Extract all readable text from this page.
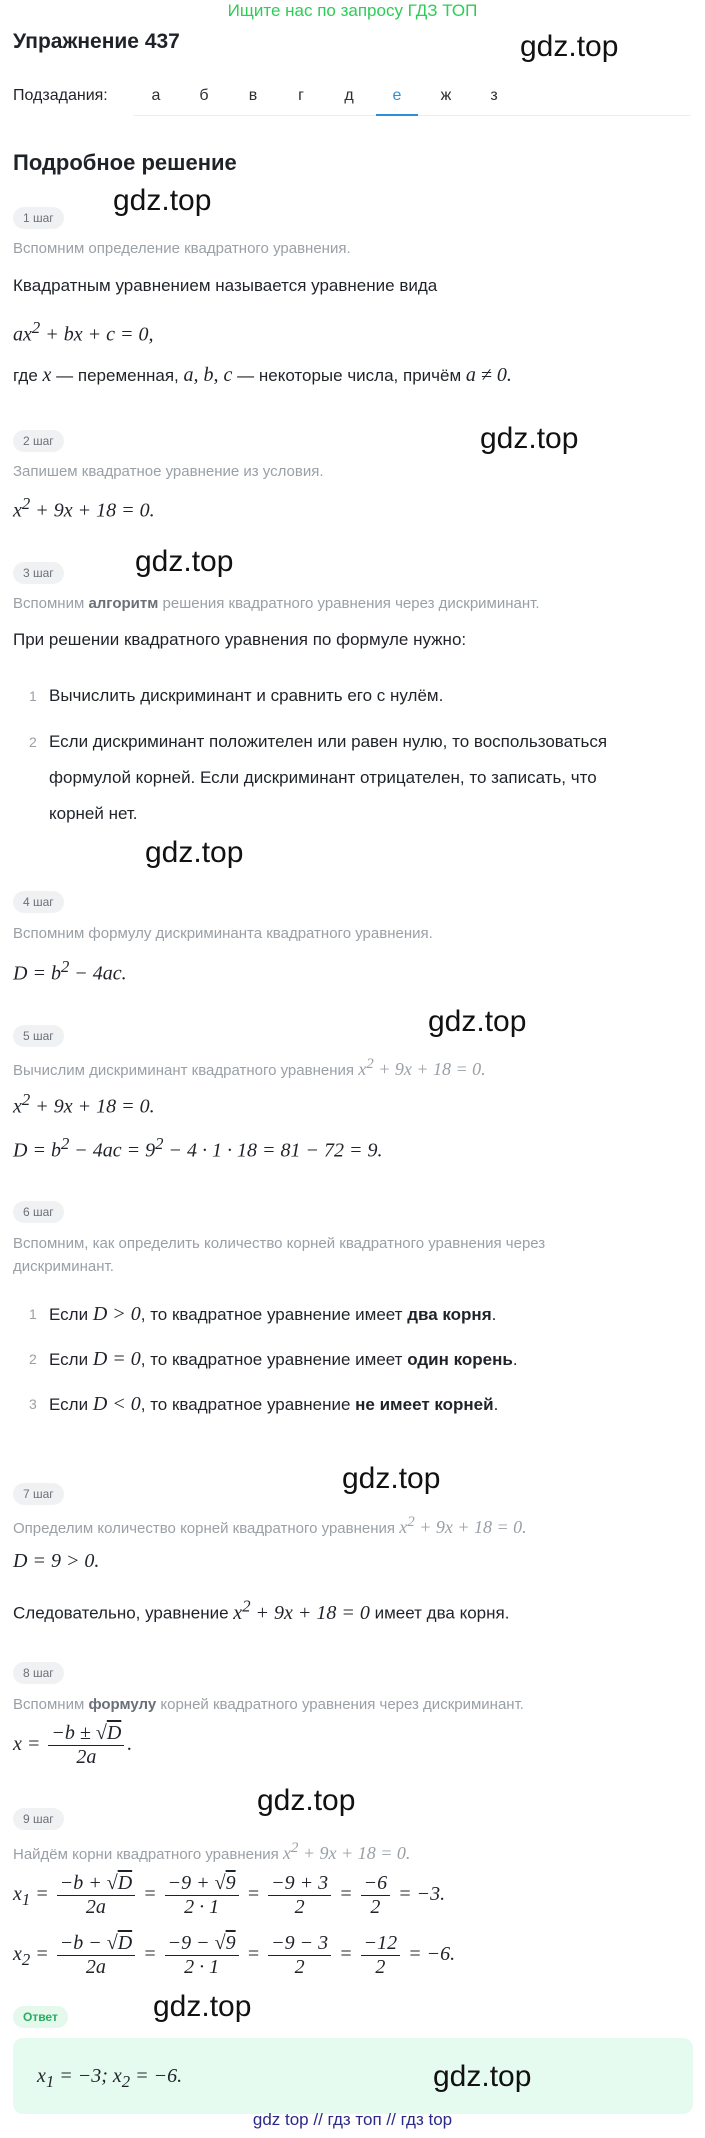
Ищите нас по запросу ГДЗ ТОП
Упражнение 437	gdz.top
Подзадания:	а	б	в	г	д	е	ж	з
Подробное решение
1 шаг
gdz.top
Вспомним определение квадратного уравнения.
Квадратным уравнением называется уравнение вида
$ax^2$ + bx + c = 0,
где x — переменная, a, b, c — некоторые числа, причём a ≠ 0.
2 шаг	gdz.top
Запишем квадратное уравнение из условия.
$x^2 + 9x + 18 = 0$.
3 шаг	gdz.top
Вспомним алгоритм решения квадратного уравнения через дискриминант.
При решении квадратного уравнения по формуле нужно:
1 Вычислить дискриминант и сравнить его с нулём.
2 Если дискриминант положителен или равен нулю, то воспользоваться
формулой корней. Если дискриминант отрицателен, то записать, что
корней нет.
gdz.top
4 шаг
Вспомним формулу дискриминанта квадратного уравнения.
$D = b^2 - 4ac$.
gdz.top
5 шаг
Вычислим дискриминант квадратного уравнения $x^2 + 9x + 18 = 0$.
$x^2 + 9x + 18 = 0$.
$D = b^2 - 4ac = 9^2 - 4 \cdot 1 \cdot 18 = 81 - 72 = 9$.
6 шаг
Вспомним, как определить количество корней квадратного уравнения через
дискриминант.
1 Если D > 0, то квадратное уравнение имеет два корня.
2 Если D = 0, то квадратное уравнение имеет один корень.
3 Если D < 0, то квадратное уравнение не имеет корней.
gdz.top
7 шаг
Определим количество корней квадратного уравнения $x^2 + 9x + 18 = 0$.
D = 9 > 0.
Следовательно, уравнение $x^2 + 9x + 18 = 0$ имеет два корня.
8 шаг
Вспомним формулу корней квадратного уравнения через дискриминант.
$x = \frac{-b \pm √D}{2a}$ .
gdz.top
9 шаг
Найдём корни квадратного уравнения $x^2 + 9x + 18 = 0$.
$x_1 = \frac{-b + √D}{2a} = \frac{-9 + √9}{2 \cdot 1} = \frac{-9 + 3}{2} = \frac{-6}{2} = -3$.
$x_2 = \frac{-b - √D}{2a} = \frac{-9 - √9}{2 \cdot 1} = \frac{-9 - 3}{2} = \frac{-12}{2} = -6$.
gdz.top
Ответ
$x_1 = -3$; $x_2 = -6$.	gdz.top
gdz top // гдз топ // гдз top
